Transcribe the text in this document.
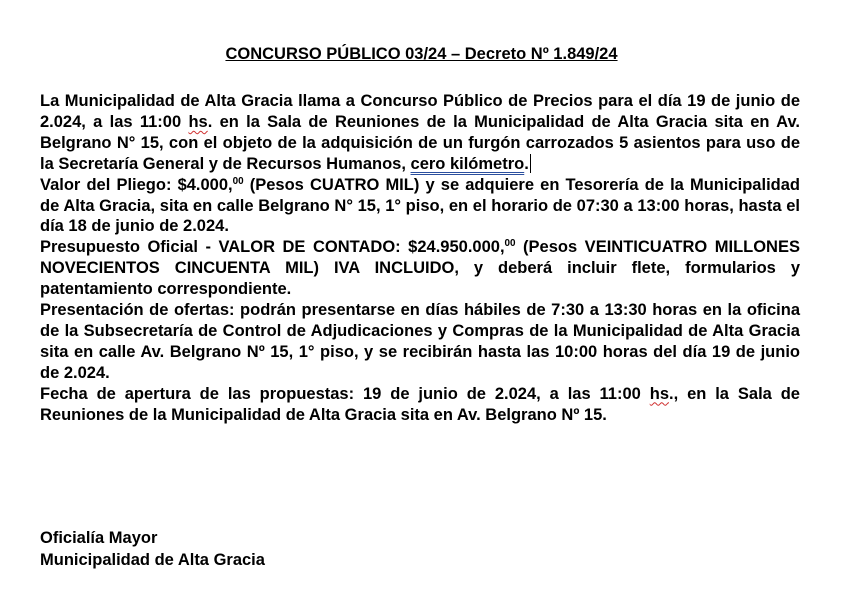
CONCURSO PÚBLICO 03/24 – Decreto Nº 1.849/24

La Municipalidad de Alta Gracia llama a Concurso Público de Precios para el día 19 de junio de 2.024, a las 11:00 hs. en la Sala de Reuniones de la Municipalidad de Alta Gracia sita en Av. Belgrano N° 15, con el objeto de la adquisición de un furgón carrozados 5 asientos para uso de la Secretaría General y de Recursos Humanos, cero kilómetro.

Valor del Pliego: $4.000,00 (Pesos CUATRO MIL) y se adquiere en Tesorería de la Municipalidad de Alta Gracia, sita en calle Belgrano N° 15, 1° piso, en el horario de 07:30 a 13:00 horas, hasta el día 18 de junio de 2.024.

Presupuesto Oficial - VALOR DE CONTADO: $24.950.000,00 (Pesos VEINTICUATRO MILLONES NOVECIENTOS CINCUENTA MIL) IVA INCLUIDO, y deberá incluir flete, formularios y patentamiento correspondiente.

Presentación de ofertas: podrán presentarse en días hábiles de 7:30 a 13:30 horas en la oficina de la Subsecretaría de Control de Adjudicaciones y Compras de la Municipalidad de Alta Gracia sita en calle Av. Belgrano Nº 15, 1° piso, y se recibirán hasta las 10:00 horas del día 19 de junio de 2.024.

Fecha de apertura de las propuestas: 19 de junio de 2.024, a las 11:00 hs., en la Sala de Reuniones de la Municipalidad de Alta Gracia sita en Av. Belgrano Nº 15.

Oficialía Mayor
Municipalidad de Alta Gracia
